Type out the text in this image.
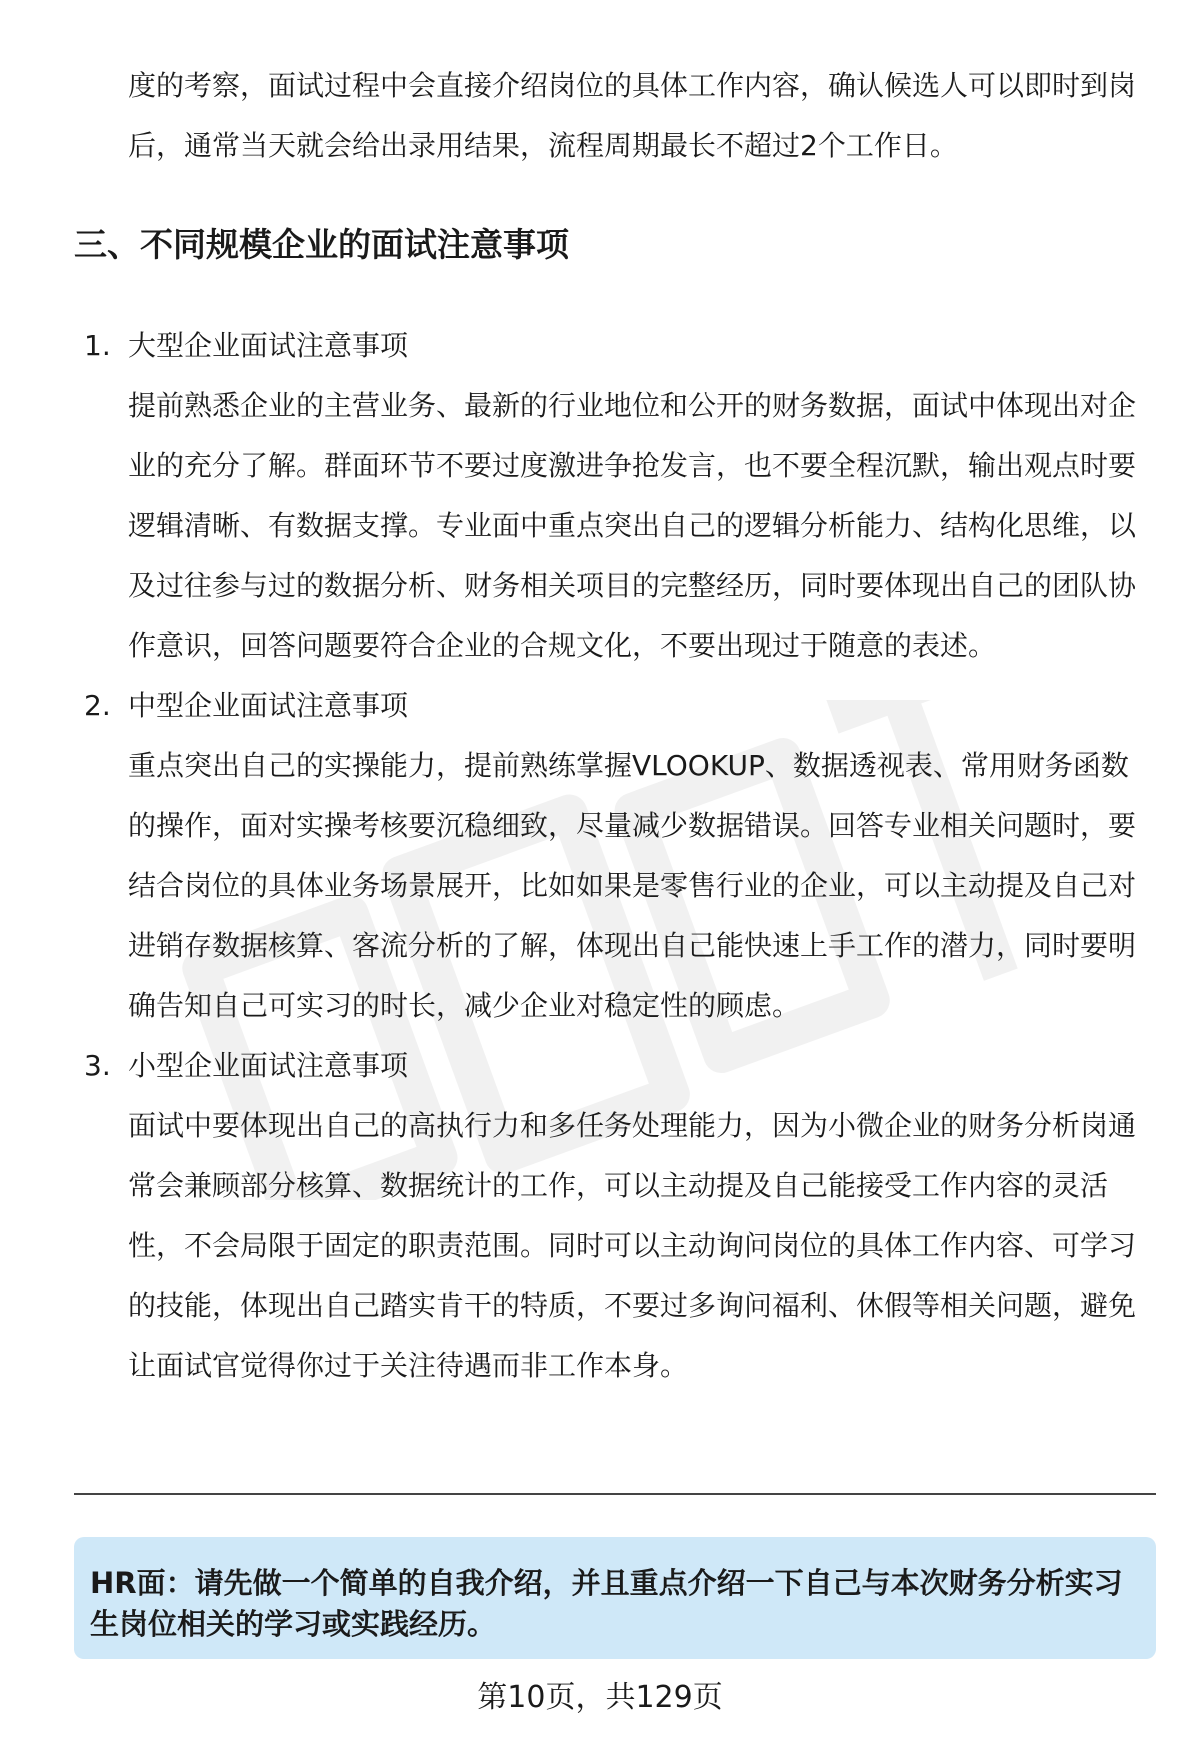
度的考察，面试过程中会直接介绍岗位的具体工作内容，确认候选人可以即时到岗后，通常当天就会给出录用结果，流程周期最长不超过2个工作日。

三、不同规模企业的面试注意事项
1. 大型企业面试注意事项

提前熟悉企业的主营业务、最新的行业地位和公开的财务数据，面试中体现出对企业的充分了解。群面环节不要过度激进争抢发言，也不要全程沉默，输出观点时要逻辑清晰、有数据支撑。专业面中重点突出自己的逻辑分析能力、结构化思维，以及过往参与过的数据分析、财务相关项目的完整经历，同时要体现出自己的团队协作意识，回答问题要符合企业的合规文化，不要出现过于随意的表述。

2. 中型企业面试注意事项

重点突出自己的实操能力，提前熟练掌握VLOOKUP、数据透视表、常用财务函数的操作，面对实操考核要沉稳细致，尽量减少数据错误。回答专业相关问题时，要结合岗位的具体业务场景展开，比如如果是零售行业的企业，可以主动提及自己对进销存数据核算、客流分析的了解，体现出自己能快速上手工作的潜力，同时要明确告知自己可实习的时长，减少企业对稳定性的顾虑。

3. 小型企业面试注意事项

面试中要体现出自己的高执行力和多任务处理能力，因为小微企业的财务分析岗通常会兼顾部分核算、数据统计的工作，可以主动提及自己能接受工作内容的灵活性，不会局限于固定的职责范围。同时可以主动询问岗位的具体工作内容、可学习的技能，体现出自己踏实肯干的特质，不要过多询问福利、休假等相关问题，避免让面试官觉得你过于关注待遇而非工作本身。

HR面：请先做一个简单的自我介绍，并且重点介绍一下自己与本次财务分析实习生岗位相关的学习或实践经历。

第10页，共129页
